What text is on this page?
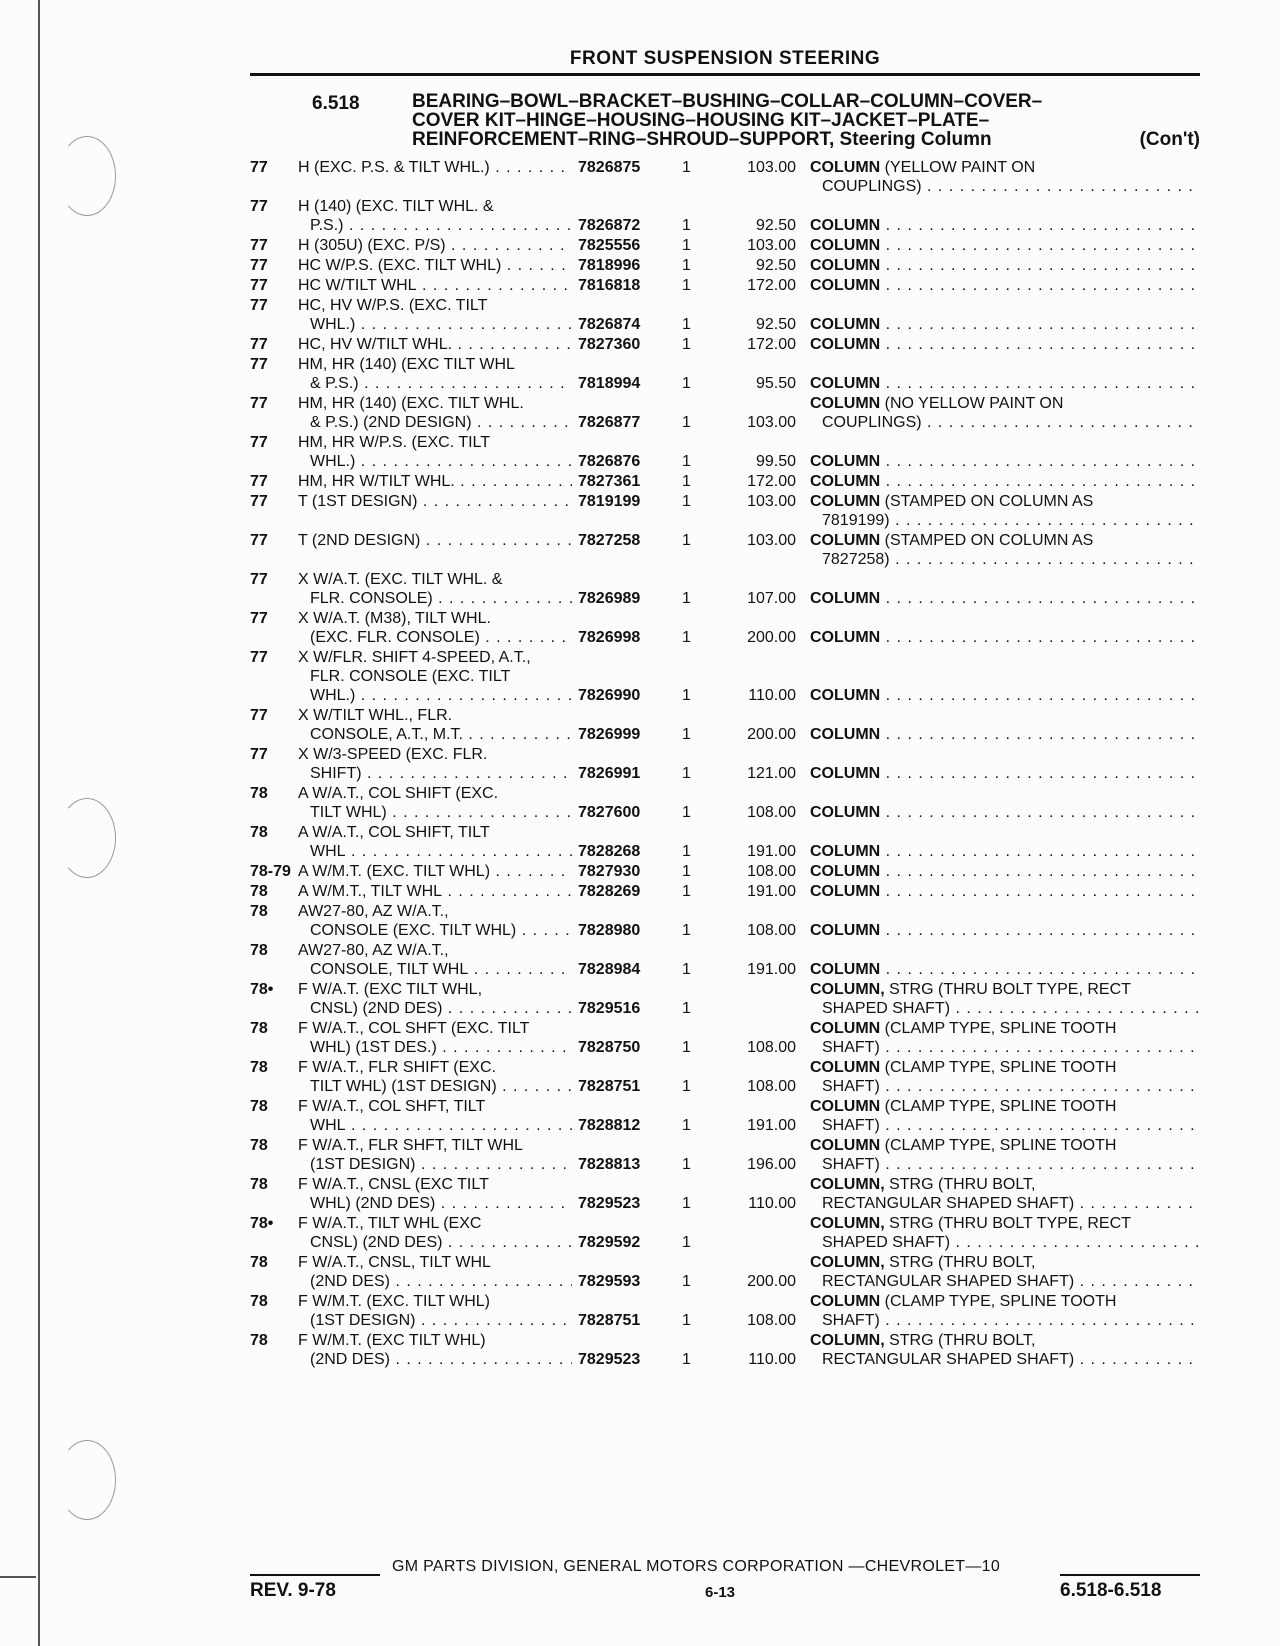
FRONT SUSPENSION STEERING
6.518	BEARING–BOWL–BRACKET–BUSHING–COLLAR–COLUMN–COVER–
COVER KIT–HINGE–HOUSING–HOUSING KIT–JACKET–PLATE–
REINFORCEMENT–RING–SHROUD–SUPPORT, Steering Column	(Con't)
77	H (EXC. P.S. & TILT WHL.) . . .	7826875	1	103.00 COLUMN (YELLOW PAINT ON
COUPLINGS) . . .
77	H (140) (EXC. TILT WHL. &
P.S.) . . .	7826872	1	92.50 COLUMN . . .
77	H (305U) (EXC. P/S) . . .	7825556	1	103.00 COLUMN . . .
77	HC W/P.S. (EXC. TILT WHL) . . .	7818996	1	92.50 COLUMN . . .
77	HC W/TILT WHL . . .	7816818	1	172.00 COLUMN . . .
77	HC, HV W/P.S. (EXC. TILT
WHL.) . . .	7826874	1	92.50 COLUMN . . .
77	HC, HV W/TILT WHL. . . .	7827360	1	172.00 COLUMN . . .
77	HM, HR (140) (EXC TILT WHL
& P.S.) . . .	7818994	1	95.50 COLUMN . . .
77	HM, HR (140) (EXC. TILT WHL.
& P.S.) (2ND DESIGN) . . .	7826877	1	103.00
COLUMN (NO YELLOW PAINT ON
COUPLINGS) . . .
77	HM, HR W/P.S. (EXC. TILT
WHL.) . . .	7826876	1	99.50 COLUMN . . .
77	HM, HR W/TILT WHL. . . .	7827361	1	172.00 COLUMN . . .
77	T (1ST DESIGN) . . .	7819199	1	103.00 COLUMN (STAMPED ON COLUMN AS
7819199) . . .
77	T (2ND DESIGN) . . .	7827258	1	103.00 COLUMN (STAMPED ON COLUMN AS
7827258) . . .
77	X W/A.T. (EXC. TILT WHL. &
FLR. CONSOLE) . . .	7826989	1	107.00 COLUMN . . .
77	X W/A.T. (M38), TILT WHL.
(EXC. FLR. CONSOLE) . . .	7826998	1	200.00 COLUMN . . .
77	X W/FLR. SHIFT 4-SPEED, A.T.,
FLR. CONSOLE (EXC. TILT
WHL.) . . .	7826990	1	110.00 COLUMN . . .
77	X W/TILT WHL., FLR.
CONSOLE, A.T., M.T. . . .	7826999	1	200.00 COLUMN . . .
77	X W/3-SPEED (EXC. FLR.
SHIFT) . . .	7826991	1	121.00 COLUMN . . .
78	A W/A.T., COL SHIFT (EXC.
TILT WHL) . . .	7827600	1	108.00 COLUMN . . .
78	A W/A.T., COL SHIFT, TILT
WHL . . .	7828268	1	191.00 COLUMN . . .
78-79 A W/M.T. (EXC. TILT WHL) . . .	7827930	1	108.00 COLUMN . . .
78	A W/M.T., TILT WHL . . .	7828269	1	191.00 COLUMN . . .
78	AW27-80, AZ W/A.T.,
CONSOLE (EXC. TILT WHL) . . .	7828980	1	108.00 COLUMN . . .
78	AW27-80, AZ W/A.T.,
CONSOLE, TILT WHL . . .	7828984	1	191.00 COLUMN . . .
78•	F W/A.T. (EXC TILT WHL,
CNSL) (2ND DES) . . .	7829516	1
COLUMN, STRG (THRU BOLT TYPE, RECT
SHAPED SHAFT) . . .
78	F W/A.T., COL SHFT (EXC. TILT
WHL) (1ST DES.) . . .	7828750	1	108.00
COLUMN (CLAMP TYPE, SPLINE TOOTH
SHAFT) . . .
78	F W/A.T., FLR SHIFT (EXC.
TILT WHL) (1ST DESIGN) . . .	7828751	1	108.00
COLUMN (CLAMP TYPE, SPLINE TOOTH
SHAFT) . . .
78	F W/A.T., COL SHFT, TILT
WHL . . .	7828812	1	191.00
COLUMN (CLAMP TYPE, SPLINE TOOTH
SHAFT) . . .
78	F W/A.T., FLR SHFT, TILT WHL
(1ST DESIGN) . . .	7828813	1	196.00
COLUMN (CLAMP TYPE, SPLINE TOOTH
SHAFT) . . .
78	F W/A.T., CNSL (EXC TILT
WHL) (2ND DES) . . .	7829523	1	110.00
COLUMN, STRG (THRU BOLT,
RECTANGULAR SHAPED SHAFT) . . .
78•	F W/A.T., TILT WHL (EXC
CNSL) (2ND DES) . . .	7829592	1
COLUMN, STRG (THRU BOLT TYPE, RECT
SHAPED SHAFT) . . .
78	F W/A.T., CNSL, TILT WHL
(2ND DES) . . .	7829593	1	200.00
COLUMN, STRG (THRU BOLT,
RECTANGULAR SHAPED SHAFT) . . .
78	F W/M.T. (EXC. TILT WHL)
(1ST DESIGN) . . .	7828751	1	108.00
COLUMN (CLAMP TYPE, SPLINE TOOTH
SHAFT) . . .
78	F W/M.T. (EXC TILT WHL)
(2ND DES) . . .	7829523	1	110.00
COLUMN, STRG (THRU BOLT,
RECTANGULAR SHAPED SHAFT) . . .
GM PARTS DIVISION, GENERAL MOTORS CORPORATION —CHEVROLET—10
REV. 9-78	6-13	6.518-6.518
